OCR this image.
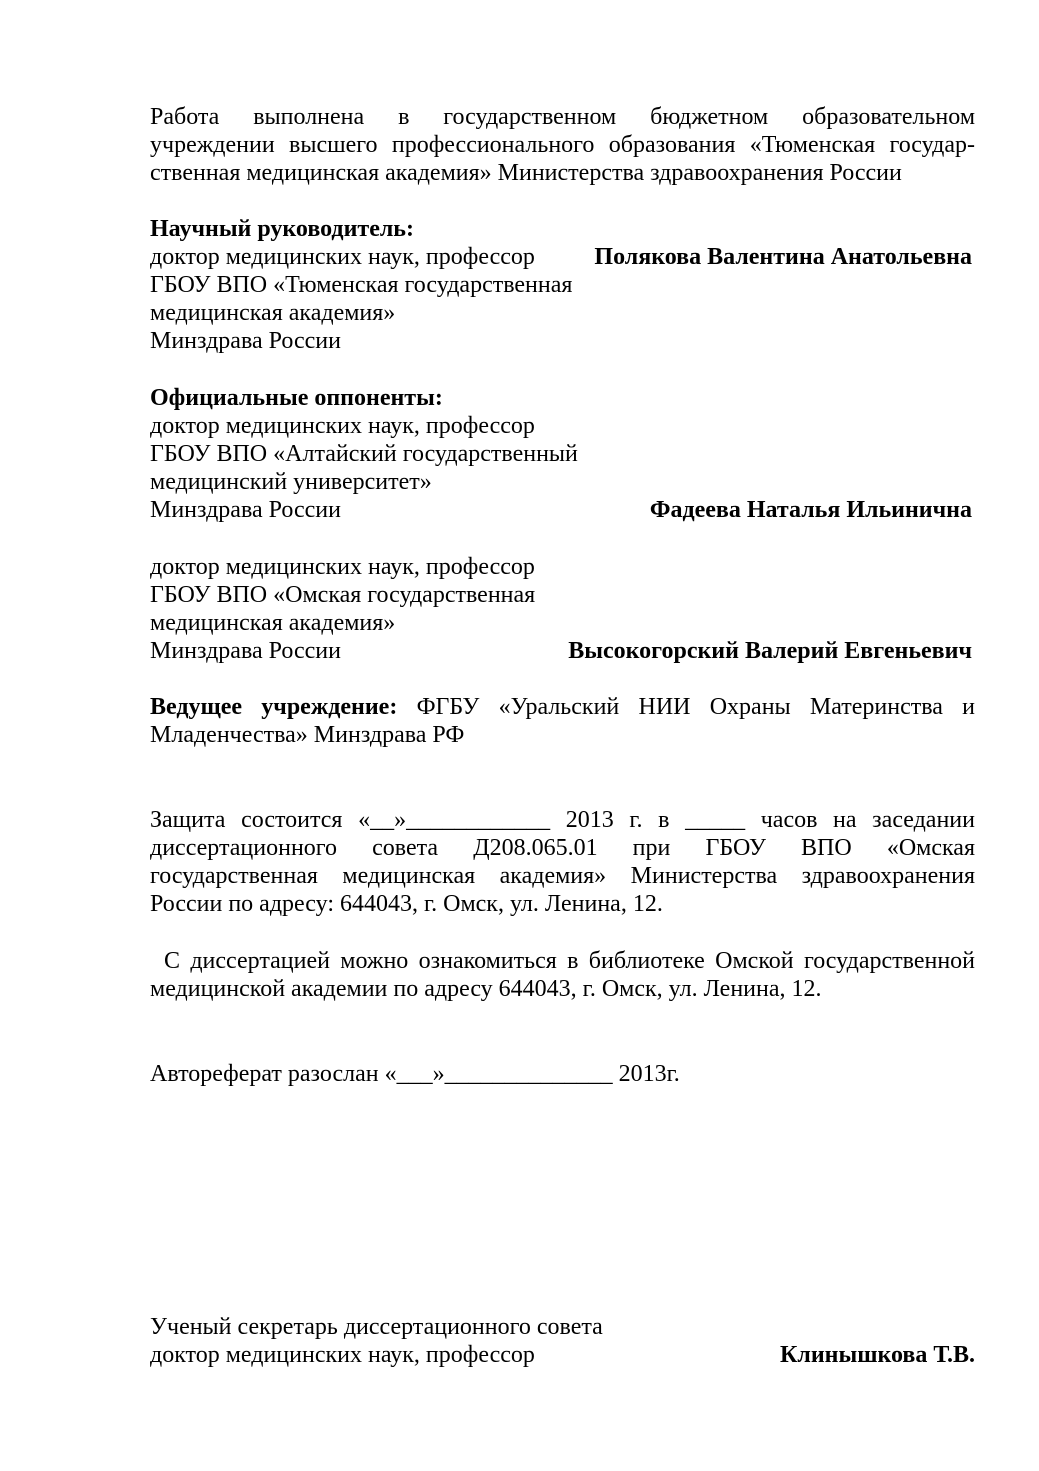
Работа выполнена в государственном бюджетном образовательном
учреждении высшего профессионального образования «Тюменская государ-
ственная медицинская академия» Министерства здравоохранения России
Научный руководитель:
доктор медицинских наук, профессор Полякова Валентина Анатольевна
ГБОУ ВПО «Тюменская государственная
медицинская академия»
Минздрава России
Официальные оппоненты:
доктор медицинских наук, профессор
ГБОУ ВПО «Алтайский государственный
медицинский университет»
Минздрава России	Фадеева Наталья Ильинична
доктор медицинских наук, профессор
ГБОУ ВПО «Омская государственная
медицинская академия»
Минздрава России	Высокогорский Валерий Евгеньевич
Ведущее учреждение: ФГБУ «Уральский НИИ Охраны Материнства и
Младенчества» Минздрава РФ
Защита состоится «__»____________ 2013 г. в _____ часов на заседании
диссертационного совета Д208.065.01 при ГБОУ ВПО «Омская
государственная медицинская академия» Министерства здравоохранения
России по адресу: 644043, г. Омск, ул. Ленина, 12.
С диссертацией можно ознакомиться в библиотеке Омской государственной
медицинской академии по адресу 644043, г. Омск, ул. Ленина, 12.
Автореферат разослан «___»______________ 2013г.
Ученый секретарь диссертационного совета
доктор медицинских наук, профессор	Клинышкова Т.В.
